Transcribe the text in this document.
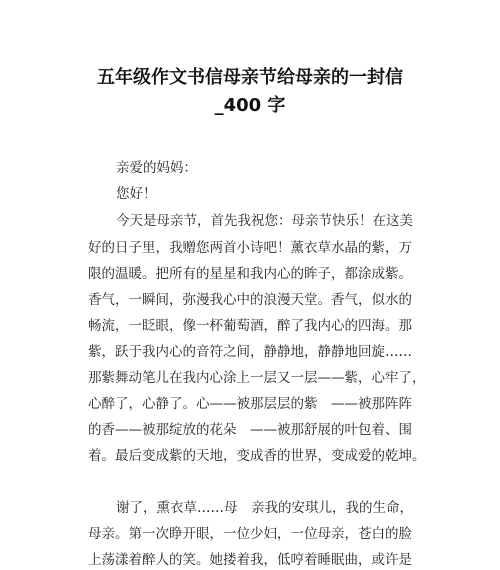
五年级作文书信母亲节给母亲的一封信
_400 字
亲爱的妈妈：
您好！
今天是母亲节，首先我祝您：母亲节快乐！在这美
好的日子里，我赠您两首小诗吧！薰衣草水晶的紫，万
限的温暖。把所有的星星和我内心的眸子，都涂成紫。
香气，一瞬间，弥漫我心中的浪漫天堂。香气，似水的
畅流，一眨眼，像一杯葡萄酒，醉了我内心的四海。那
紫，跃于我内心的音符之间，静静地，静静地回旋……
那紫舞动笔儿在我内心涂上一层又一层——紫，心牢了，
心醉了，心静了。心——被那层层的紫　——被那阵阵
的香——被那绽放的花朵　——被那舒展的叶包着、围
着。最后变成紫的天地，变成香的世界，变成爱的乾坤。
谢了，熏衣草……母　亲我的安琪儿，我的生命，
母亲。第一次睁开眼，一位少妇，一位母亲，苍白的脸
上荡漾着醉人的笑。她搂着我，低哼着睡眠曲，或许是
